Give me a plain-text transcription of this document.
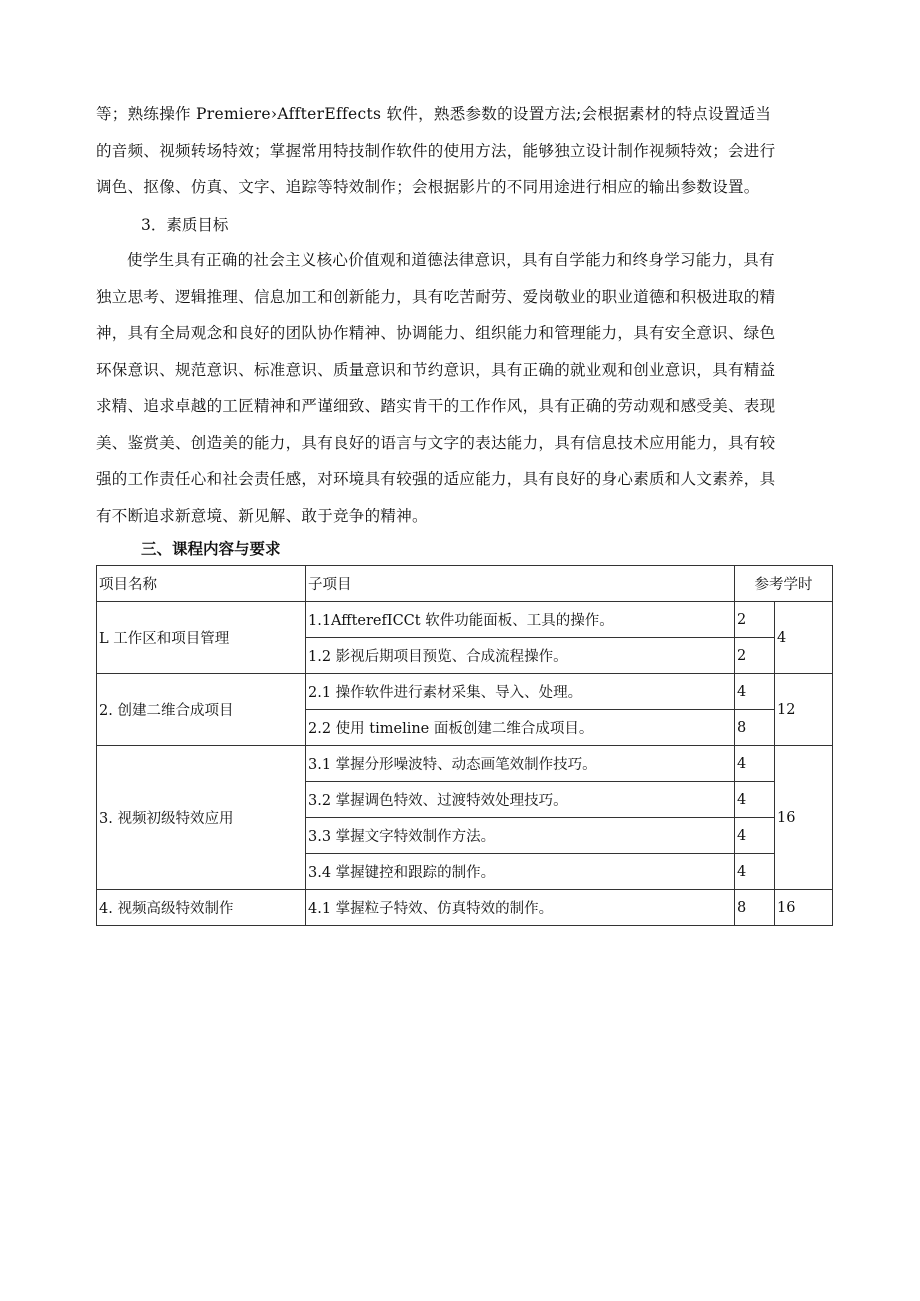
等；熟练操作 Premiere›AffterEffects 软件，熟悉参数的设置方法;会根据素材的特点设置适当
的音频、视频转场特效；掌握常用特技制作软件的使用方法，能够独立设计制作视频特效；会进行
调色、抠像、仿真、文字、追踪等特效制作；会根据影片的不同用途进行相应的输出参数设置。

3．素质目标

使学生具有正确的社会主义核心价值观和道德法律意识，具有自学能力和终身学习能力，具有
独立思考、逻辑推理、信息加工和创新能力，具有吃苦耐劳、爱岗敬业的职业道德和积极进取的精
神，具有全局观念和良好的团队协作精神、协调能力、组织能力和管理能力，具有安全意识、绿色
环保意识、规范意识、标准意识、质量意识和节约意识，具有正确的就业观和创业意识，具有精益
求精、追求卓越的工匠精神和严谨细致、踏实肯干的工作作风，具有正确的劳动观和感受美、表现
美、鉴赏美、创造美的能力，具有良好的语言与文字的表达能力，具有信息技术应用能力，具有较
强的工作责任心和社会责任感，对环境具有较强的适应能力，具有良好的身心素质和人文素养，具
有不断追求新意境、新见解、敢于竞争的精神。

三、课程内容与要求

项目名称	子项目	参考学时	
L 工作区和项目管理	1.1AffterefICCt 软件功能面板、工具的操作。	2	4
	1.2 影视后期项目预览、合成流程操作。	2	
2. 创建二维合成项目	2.1 操作软件进行素材采集、导入、处理。	4	12
	2.2 使用 timeline 面板创建二维合成项目。	8	
3. 视频初级特效应用	3.1 掌握分形噪波特、动态画笔效制作技巧。	4	16
	3.2 掌握调色特效、过渡特效处理技巧。	4	
	3.3 掌握文字特效制作方法。	4	
	3.4 掌握键控和跟踪的制作。	4	
4. 视频高级特效制作	4.1 掌握粒子特效、仿真特效的制作。	8	16
